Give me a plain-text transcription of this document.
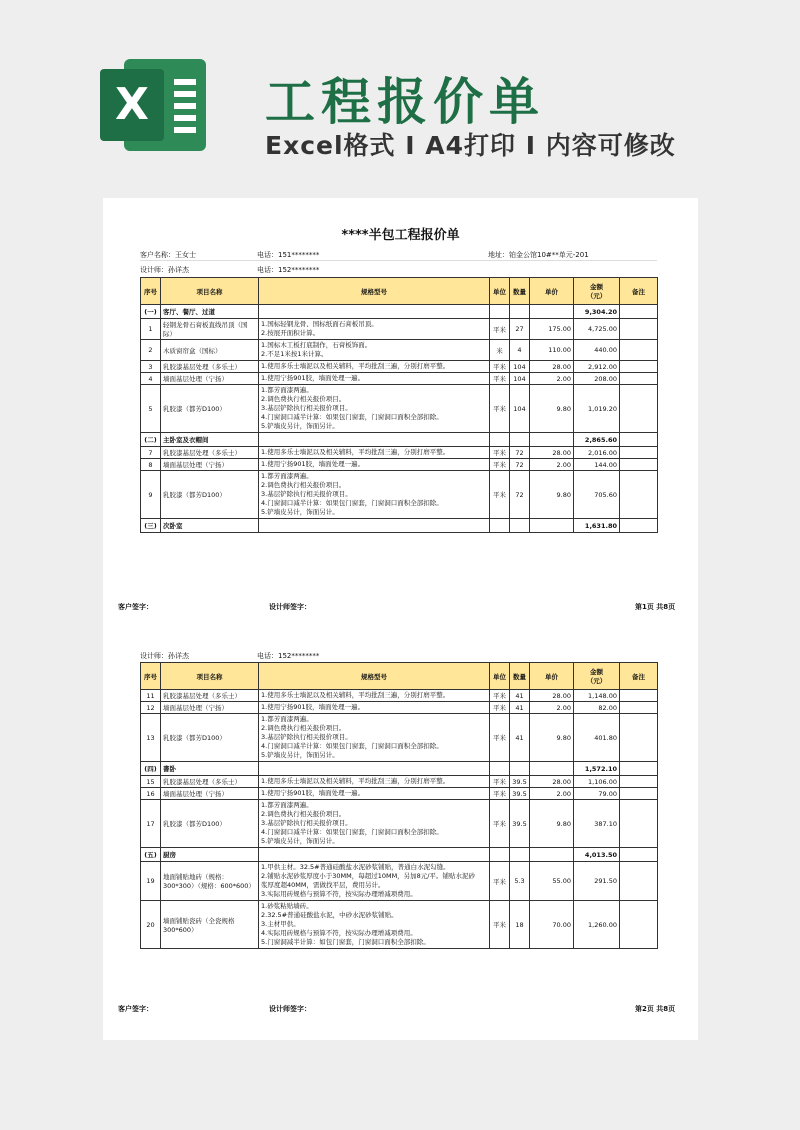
X	工程报价单
Excel格式 I A4打印 I 内容可修改
****半包工程报价单
客户名称：王女士	电话：151********	地址：铂金公馆10#**单元-201
设计师：孙详杰	电话：152********
序号	项目名称	规格型号	单位	数量	单价	金额
（元）	备注
(一)	客厅、餐厅、过道					9,304.20	
1	轻钢龙骨石膏板直线吊顶（国际）	1.国标轻钢龙骨、国标纸面石膏板吊顶。
2.按展开面积计算。	平米	27	175.00	4,725.00	
2	木质窗帘盒（国标）	1.国标木工板打底制作，石膏板饰面。
2.不足1米按1米计算。	米	4	110.00	440.00	
3	乳胶漆基层处理（多乐士）	1.使用多乐士墙泥以及相关辅料，平均批刮三遍，分别打磨平整。	平米	104	28.00	2,912.00	
4	墙面基层处理（宁扬）	1.使用宁扬901胶，墙面处理一遍。	平米	104	2.00	208.00	
5	乳胶漆（都芳D100）	1.都芳面漆两遍。
2.调色费执行相关报价项目。
3.基层铲除执行相关报价项目。
4.门窗洞口减半计算：如果包门窗套，门窗洞口面积全部扣除。
5.铲墙皮另计，饰面另计。	平米	104	9.80	1,019.20	
(二)	主卧室及衣帽间					2,865.60	
7	乳胶漆基层处理（多乐士）	1.使用多乐士墙泥以及相关辅料，平均批刮三遍，分别打磨平整。	平米	72	28.00	2,016.00	
8	墙面基层处理（宁扬）	1.使用宁扬901胶，墙面处理一遍。	平米	72	2.00	144.00	
9	乳胶漆（都芳D100）	1.都芳面漆两遍。
2.调色费执行相关报价项目。
3.基层铲除执行相关报价项目。
4.门窗洞口减半计算：如果包门窗套，门窗洞口面积全部扣除。
5.铲墙皮另计，饰面另计。	平米	72	9.80	705.60	
(三)	次卧室					1,631.80	
客户签字：	设计师签字：	第1页 共8页
设计师：孙详杰	电话：152********
序号	项目名称	规格型号	单位	数量	单价	金额
（元）	备注
11	乳胶漆基层处理（多乐士）	1.使用多乐士墙泥以及相关辅料，平均批刮三遍，分别打磨平整。	平米	41	28.00	1,148.00	
12	墙面基层处理（宁扬）	1.使用宁扬901胶，墙面处理一遍。	平米	41	2.00	82.00	
13	乳胶漆（都芳D100）	1.都芳面漆两遍。
2.调色费执行相关报价项目。
3.基层铲除执行相关报价项目。
4.门窗洞口减半计算：如果包门窗套，门窗洞口面积全部扣除。
5.铲墙皮另计，饰面另计。	平米	41	9.80	401.80	
(四)	書卧					1,572.10	
15	乳胶漆基层处理（多乐士）	1.使用多乐士墙泥以及相关辅料，平均批刮三遍，分别打磨平整。	平米	39.5	28.00	1,106.00	
16	墙面基层处理（宁扬）	1.使用宁扬901胶，墙面处理一遍。	平米	39.5	2.00	79.00	
17	乳胶漆（都芳D100）	1.都芳面漆两遍。
2.调色费执行相关报价项目。
3.基层铲除执行相关报价项目。
4.门窗洞口减半计算：如果包门窗套，门窗洞口面积全部扣除。
5.铲墙皮另计，饰面另计。	平米	39.5	9.80	387.10	
(五)	厨房					4,013.50	
19	地面铺贴地砖（规格：300*300）（规格：600*600）	1.甲供主材。32.5#普通硅酸盐水泥砂浆铺贴，普通白水泥勾缝。
2.铺贴水泥砂浆厚度小于30MM，每超过10MM，另加8元/平。铺贴水泥砂
浆厚度超40MM，需做找平层，费用另计。
3.实际用砖规格与预算不符，按实际办理增减项费用。	平米	5.3	55.00	291.50	
20	墙面铺贴瓷砖（全瓷规格300*600）	1.砂浆粘贴墙砖。
2.32.5#普通硅酸盐水泥，中砂水泥砂浆铺贴。
3.主材甲供。
4.实际用砖规格与预算不符，按实际办理增减项费用。
5.门窗洞减半计算：如包门窗套，门窗洞口面积全部扣除。	平米	18	70.00	1,260.00	
客户签字：	设计师签字：	第2页 共8页
